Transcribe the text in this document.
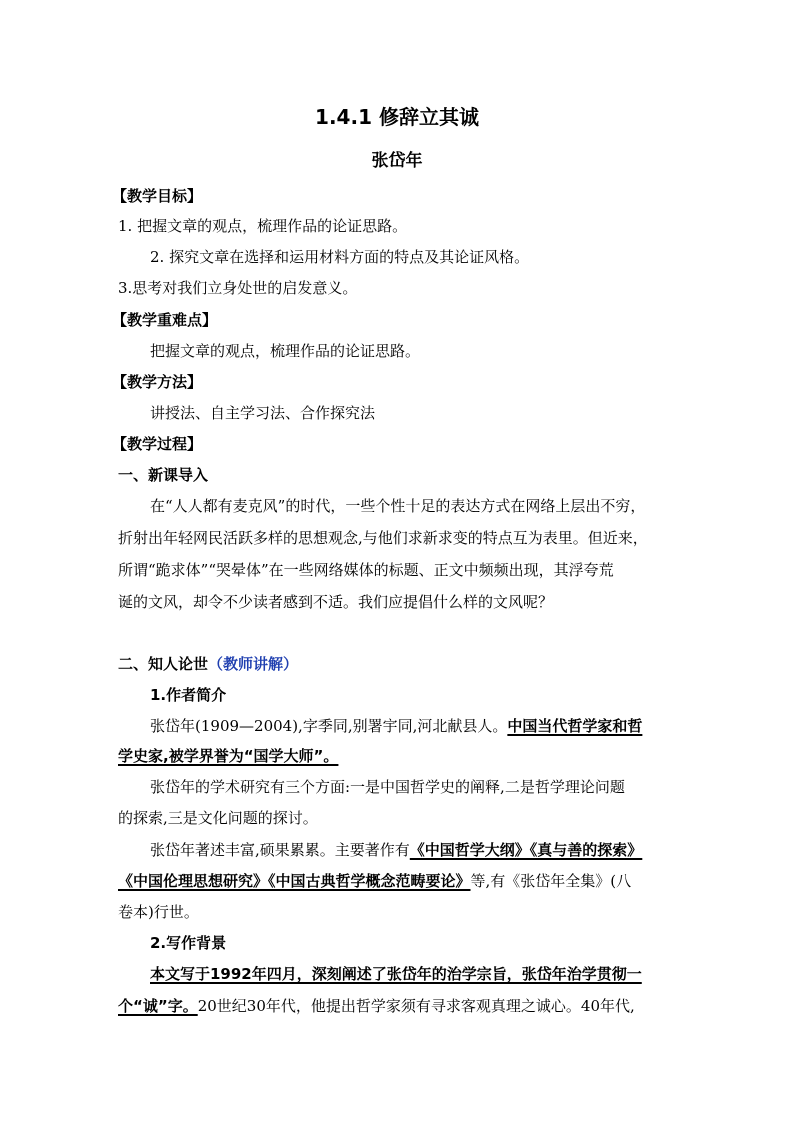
1.4.1 修辞立其诚
张岱年
【教学目标】
1. 把握文章的观点，梳理作品的论证思路。
2. 探究文章在选择和运用材料方面的特点及其论证风格。
3.思考对我们立身处世的启发意义。
【教学重难点】
把握文章的观点，梳理作品的论证思路。
【教学方法】
讲授法、自主学习法、合作探究法
【教学过程】
一、新课导入
在“人人都有麦克风”的时代，一些个性十足的表达方式在网络上层出不穷，
折射出年轻网民活跃多样的思想观念,与他们求新求变的特点互为表里。但近来，
所谓“跪求体”“哭晕体”在一些网络媒体的标题、正文中频频出现，其浮夸荒
诞的文风，却令不少读者感到不适。我们应提倡什么样的文风呢？
二、知人论世（教师讲解）
1.作者简介
张岱年(1909—2004),字季同,别署宇同,河北献县人。中国当代哲学家和哲
学史家,被学界誉为“国学大师”。
张岱年的学术研究有三个方面:一是中国哲学史的阐释,二是哲学理论问题
的探索,三是文化问题的探讨。
张岱年著述丰富,硕果累累。主要著作有《中国哲学大纲》《真与善的探索》
《中国伦理思想研究》《中国古典哲学概念范畴要论》等,有《张岱年全集》(八
卷本)行世。
2.写作背景
本文写于1992年四月，深刻阐述了张岱年的治学宗旨，张岱年治学贯彻一
个“诚”字。20世纪30年代，他提出哲学家须有寻求客观真理之诚心。40年代,
